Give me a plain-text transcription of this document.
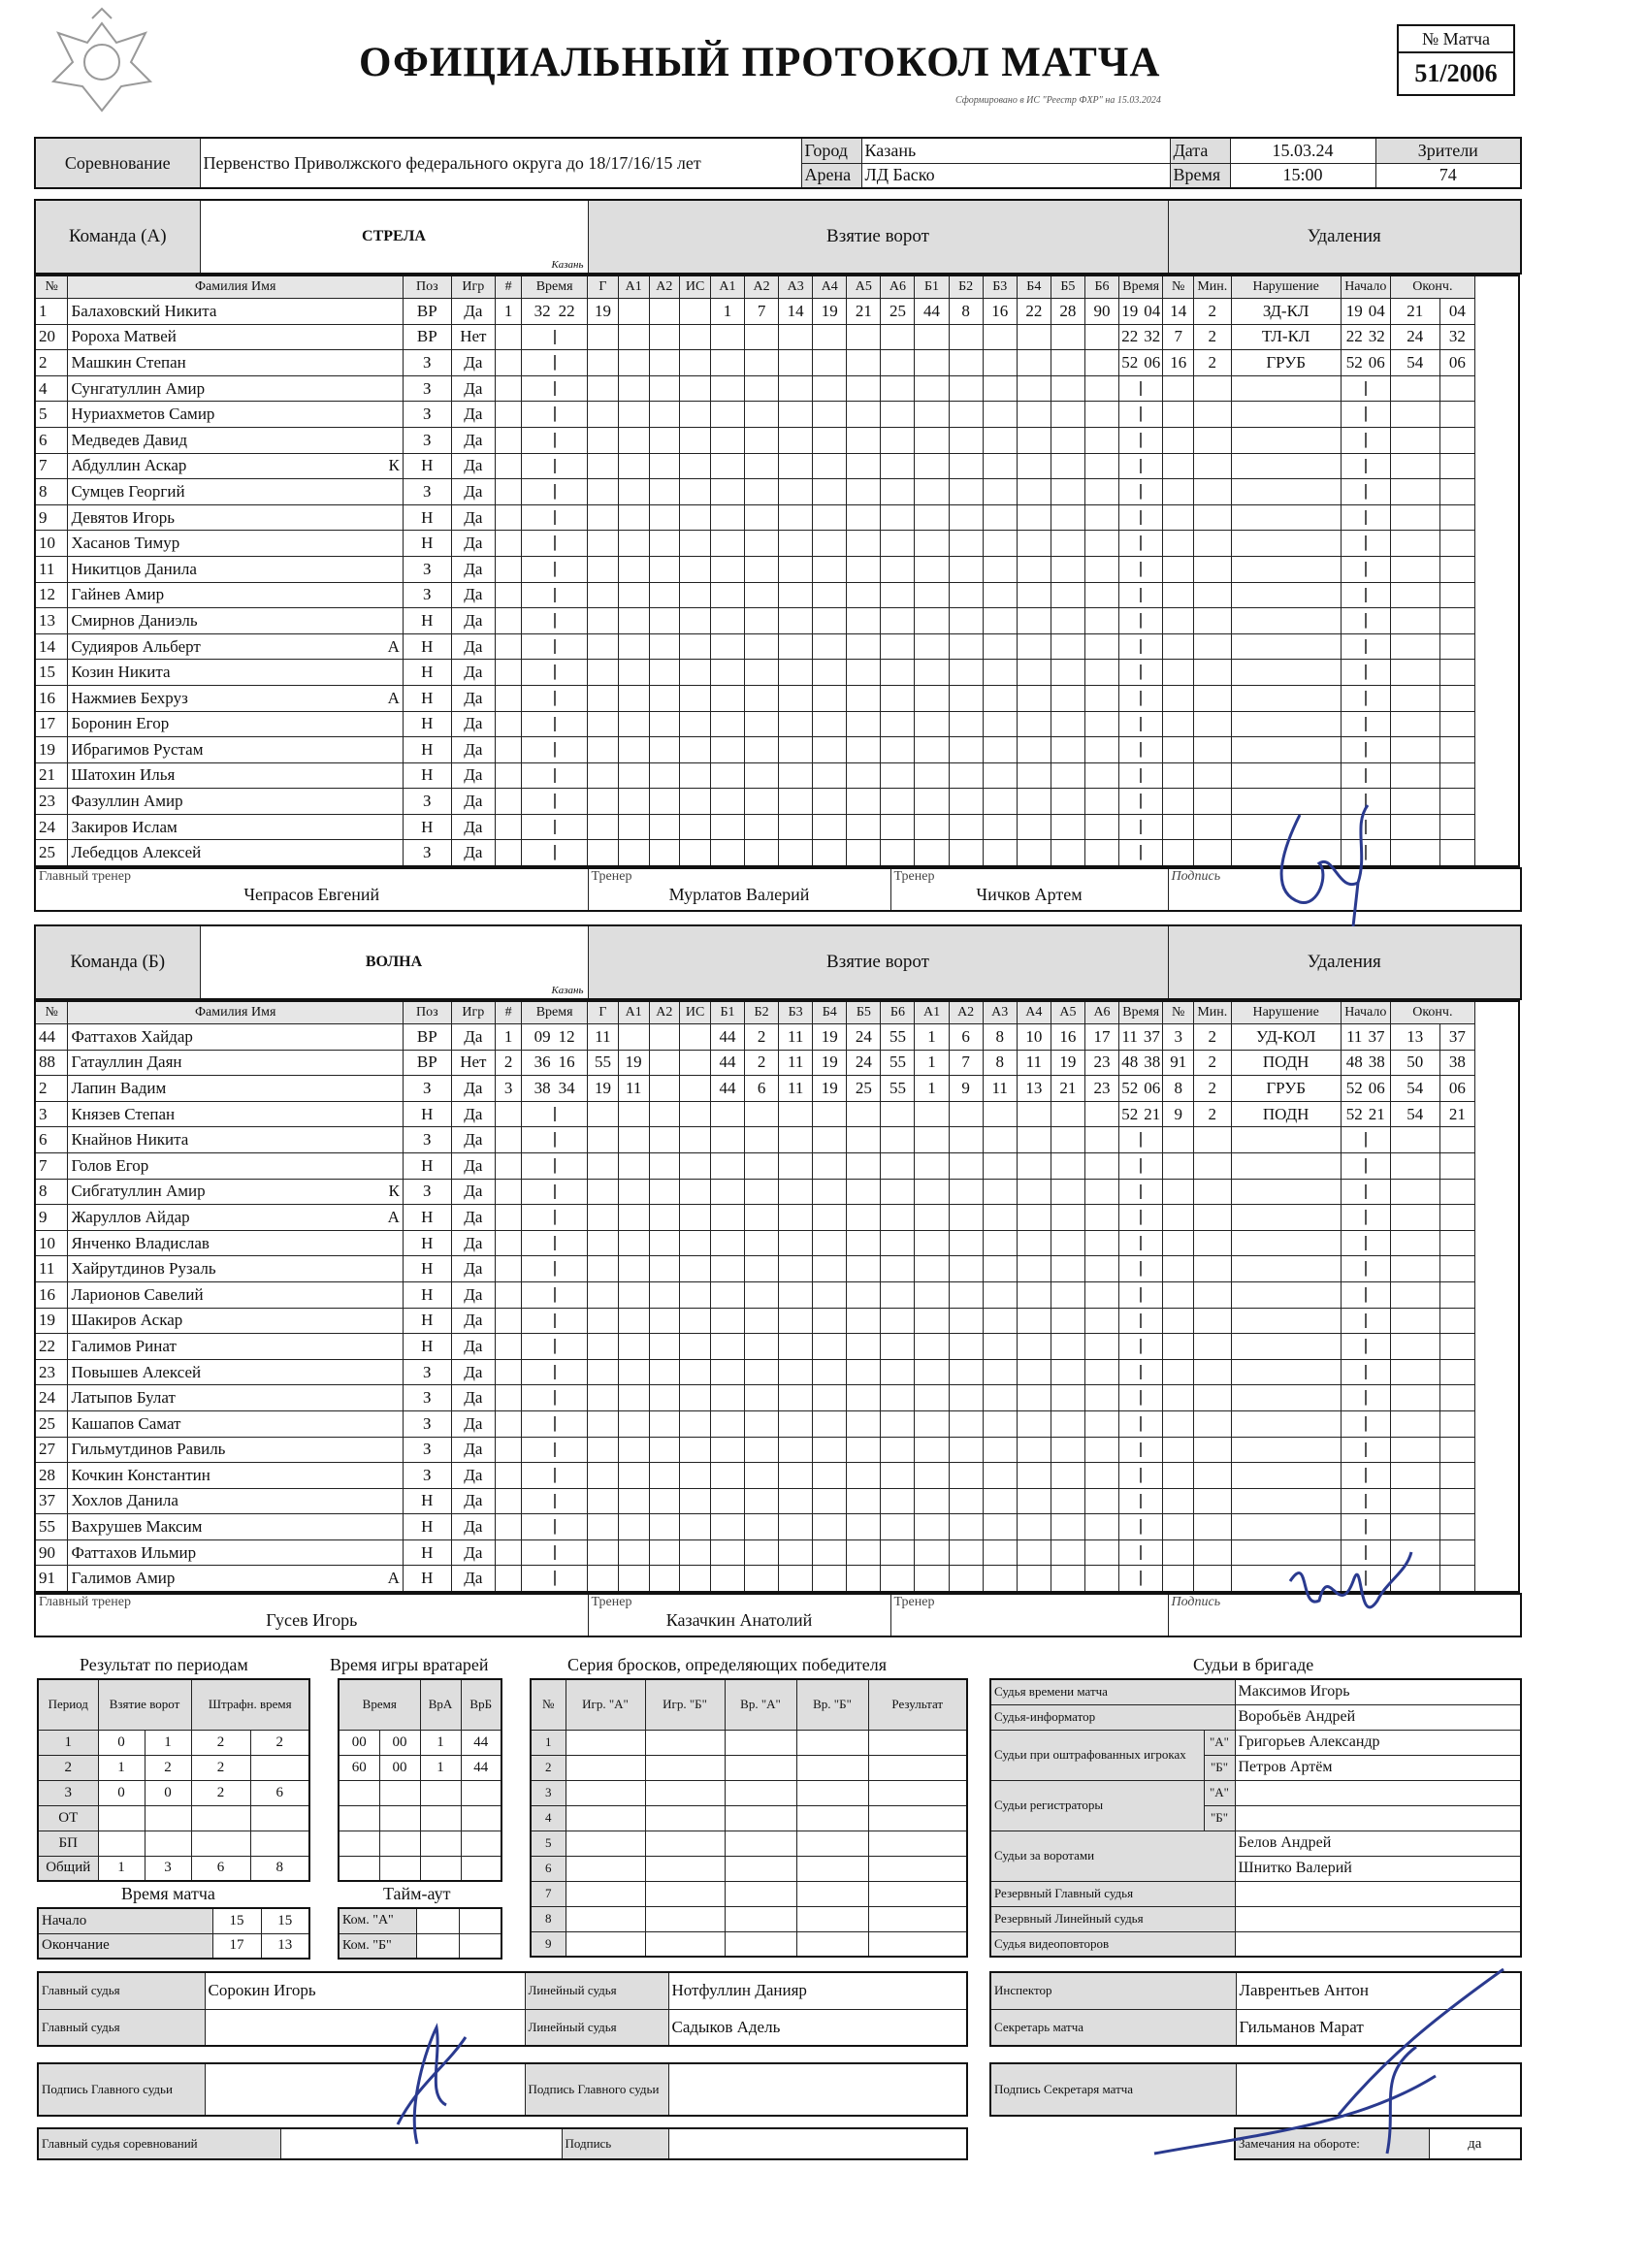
ОФИЦИАЛЬНЫЙ ПРОТОКОЛ МАТЧА
Сформировано в ИС "Реестр ФХР" на 15.03.2024
№ Матча
51/2006
Соревнование	Первенство Приволжского федерального округа до 18/17/16/15 лет	Город	Казань	Дата	15.03.24	Зрители
		Арена	ЛД Баско	Время	15:00	74
Команда (А)	СТРЕЛА
Казань
	Взятие ворот	Удаления
№	Фамилия Имя		Поз	Игр	#	Время	Г	А1	А2	ИС	А1	А2	А3	А4	А5	А6	Б1	Б2	Б3	Б4	Б5	Б6	Время	№	Мин.	Нарушение	Начало	Оконч.	
1	Балаховский Никита		ВР	Да	1	32 22	19				1	7	14	19	21	25	44	8	16	22	28	90	19 04	14	2	ЗД-КЛ	19 04	21	04
20	Ророха Матвей		ВР	Нет																			22 32	7	2	ТЛ-КЛ	22 32	24	32
2	Машкин Степан		З	Да																			52 06	16	2	ГРУБ	52 06	54	06
4	Сунгатуллин Амир		З	Да																									
5	Нуриахметов Самир		З	Да																									
6	Медведев Давид		З	Да																									
7	Абдуллин Аскар	К	Н	Да																									
8	Сумцев Георгий		З	Да																									
9	Девятов Игорь		Н	Да																									
10	Хасанов Тимур		Н	Да																									
11	Никитцов Данила		З	Да																									
12	Гайнев Амир		З	Да																									
13	Смирнов Даниэль		Н	Да																									
14	Судияров Альберт	А	Н	Да																									
15	Козин Никита		Н	Да																									
16	Нажмиев Бехруз	А	Н	Да																									
17	Боронин Егор		Н	Да																									
19	Ибрагимов Рустам		Н	Да																									
21	Шатохин Илья		Н	Да																									
23	Фазуллин Амир		З	Да																									
24	Закиров Ислам		Н	Да																									
25	Лебедцов Алексей		З	Да																									
Главный тренер
Чепрасов Евгений

Тренер
Мурлатов Валерий

Тренер
Чичков Артем

Подпись
Команда (Б)	ВОЛНА
Казань
	Взятие ворот	Удаления
№	Фамилия Имя		Поз	Игр	#	Время	Г	А1	А2	ИС	Б1	Б2	Б3	Б4	Б5	Б6	А1	А2	А3	А4	А5	А6	Время	№	Мин.	Нарушение	Начало	Оконч.	
44	Фаттахов Хайдар		ВР	Да	1	09 12	11				44	2	11	19	24	55	1	6	8	10	16	17	11 37	3	2	УД-КОЛ	11 37	13	37
88	Гатауллин Даян		ВР	Нет	2	36 16	55	19			44	2	11	19	24	55	1	7	8	11	19	23	48 38	91	2	ПОДН	48 38	50	38
2	Лапин Вадим		З	Да	3	38 34	19	11			44	6	11	19	25	55	1	9	11	13	21	23	52 06	8	2	ГРУБ	52 06	54	06
3	Князев Степан		Н	Да																			52 21	9	2	ПОДН	52 21	54	21
6	Кнайнов Никита		З	Да																									
7	Голов Егор		Н	Да																									
8	Сибгатуллин Амир	К	З	Да																									
9	Жаруллов Айдар	А	Н	Да																									
10	Янченко Владислав		Н	Да																									
11	Хайрутдинов Рузаль		Н	Да																									
16	Ларионов Савелий		Н	Да																									
19	Шакиров Аскар		Н	Да																									
22	Галимов Ринат		Н	Да																									
23	Повышев Алексей		З	Да																									
24	Латыпов Булат		З	Да																									
25	Кашапов Самат		З	Да																									
27	Гильмутдинов Равиль		З	Да																									
28	Кочкин Константин		З	Да																									
37	Хохлов Данила		Н	Да																									
55	Вахрушев Максим		Н	Да																									
90	Фаттахов Ильмир		Н	Да																									
91	Галимов Амир	А	Н	Да																									
Главный тренер
Гусев Игорь

Тренер
Казачкин Анатолий

Тренер	Подпись
Результат по периодам	Время игры вратарей	Серия бросков, определяющих победителя	Судьи в бригаде
Период	Взятие ворот		Штрафн. время	
1	0	1	2	2
2	1	2	2	
3	0	0	2	6
ОТ				
БП				
Общий	1	3	6	8
Время		ВрА	ВрБ
00	00	1	44
60	00	1	44

№	Игр. "А"	Игр. "Б"	Вр. "А"	Вр. "Б"	Результат
1					
2					
3					
4					
5					
6					
7					
8					
9					
Судья времени матча		Максимов Игорь
Судья-информатор		Воробьёв Андрей
Судьи при оштрафованных игроках	"А"	Григорьев Александр
	"Б"	Петров Артём
Судьи регистраторы	"А"	
	"Б"	
Судьи за воротами		Белов Андрей
		Шнитко Валерий
Резервный Главный судья		
Резервный Линейный судья		
Судья видеоповторов		
Время матча
Начало	15	15
Окончание	17	13
Тайм-аут
Ком. "А"		
Ком. "Б"		
Главный судья	Сорокин Игорь	Линейный судья	Нотфуллин Данияр
Главный судья		Линейный судья	Садыков Адель
Инспектор	Лаврентьев Антон
Секретарь матча	Гильманов Марат
Подпись Главного судьи		Подпись Главного судьи		Подпись Секретаря матча	
Главный судья соревнований		Подпись		Замечания на обороте:	да
